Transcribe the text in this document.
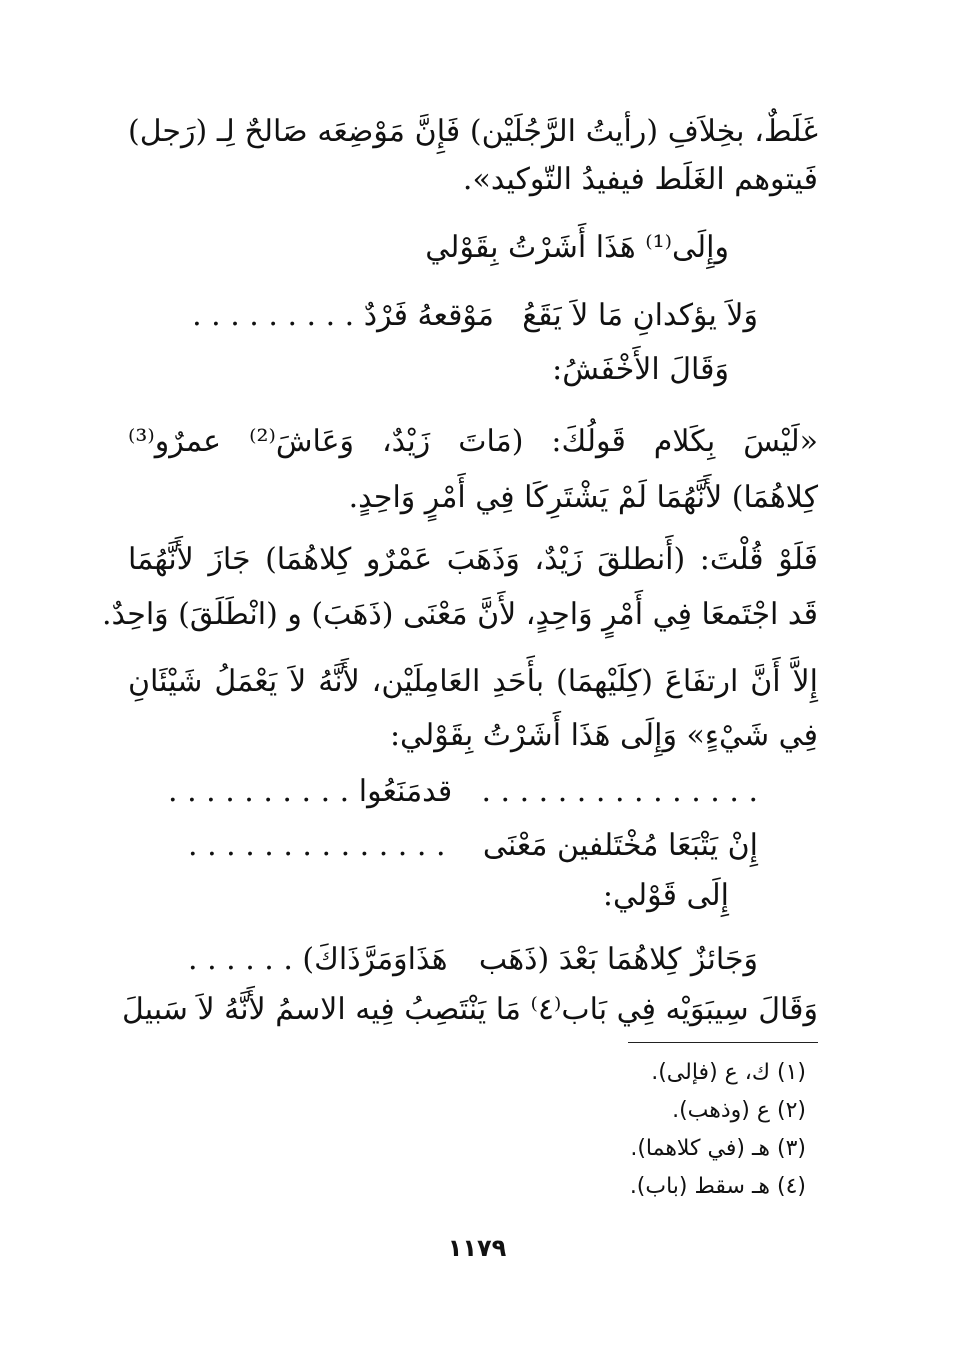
غَلَطٌ، بخِلاَفِ (رأيتُ الرَّجُلَيْن) فَإِنَّ مَوْضِعَه صَالحٌ لِـ (رَجل)
فَيتوهم الغَلَط فيفيدُ التّوكيد».
وإِلَى⁽¹⁾ هَذَا أَشَرْتُ بِقَوْلي
وَلاَ يؤكدانِ مَا لاَ يَقَعُ
مَوْقعهُ فَرْدٌ . . . . . . . . .
وَقَالَ الأَخْفَشُ:
«لَيْسَ بِكَلام قَولُكَ: (مَاتَ زَيْدٌ، وَعَاشَ⁽²⁾ عمرٌو⁽³⁾
كِلاهُمَا) لأَنَّهُمَا لَمْ يَشْتَرِكَا فِي أَمْرٍ وَاحِدٍ.
فَلَوْ قُلْتَ: (أَنطلقَ زَيْدٌ، وَذَهَبَ عَمْرٌو كِلاهُمَا) جَازَ لأَنَّهُمَا
قَد اجْتَمعَا فِي أَمْرٍ وَاحِدٍ، لأَنَّ مَعْنَى (ذَهَبَ) و (انْطَلَقَ) وَاحِدٌ.
إِلاَّ أَنَّ ارتفَاعَ (كِلَيْهمَا) بأَحَدِ العَامِلَيْن، لأَنَّهُ لاَ يَعْمَلُ شَيْئَانِ
فِي شَيْءٍ» وَإِلَى هَذَا أَشَرْتُ بِقَوْلي:
. . . . . . . . . . قدمَنَعُوا . . . . . . . . . . . . . . .
إِنْ يَتْبَعَا مُخْتَلفين مَعْنَى
. . . . . . . . . . . . . .
إِلَى قَوْلي:
وَجَائزٌ كِلاهُمَا بَعْدَ (ذَهَب
هَذَاوَمَرَّذَاكَ) . . . . . .
وَقَالَ سِيبَوَيْه فِي بَاب⁽٤⁾ مَا يَنْتَصِبُ فِيه الاسمُ لأَنَّهُ لاَ سَبيلَ
(١) ك، ع (فإلى).
(٢) ع (وذهب).
(٣) هـ (في كلاهما).
(٤) هـ سقط (باب).
١١٧٩
